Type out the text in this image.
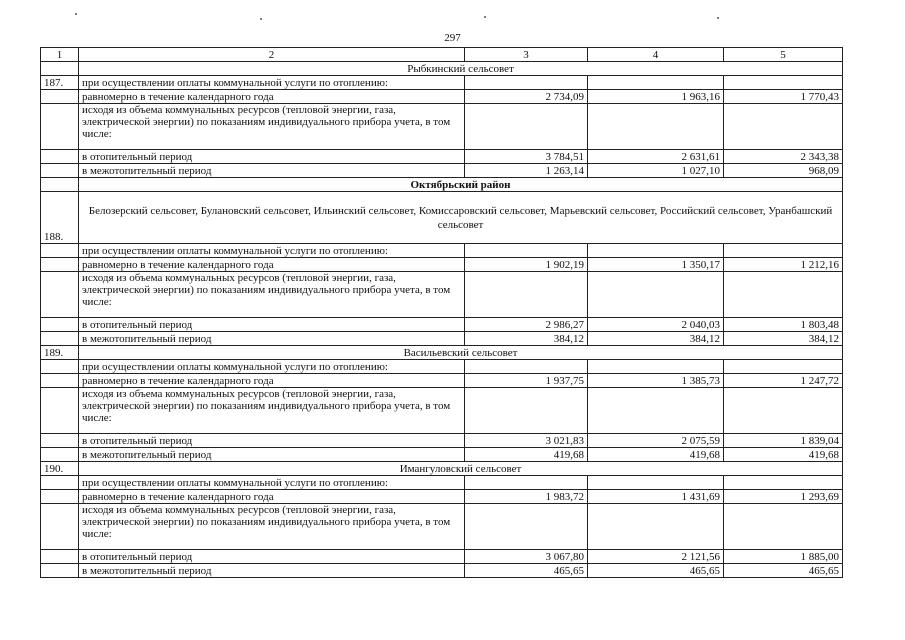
297
1	2	3	4	5
	Рыбкинский сельсовет			
187.	при осуществлении оплаты коммунальной услуги по отоплению:			
	равномерно в течение календарного года	2 734,09	1 963,16	1 770,43
	исходя из объема коммунальных ресурсов (тепловой энергии, газа, электрической энергии) по показаниям индивидуального прибора учета, в том числе:			
	в отопительный период	3 784,51	2 631,61	2 343,38
	в межотопительный период	1 263,14	1 027,10	968,09
	Октябрьский район			
188.	Белозерский сельсовет, Булановский сельсовет, Ильинский сельсовет, Комиссаровский сельсовет, Марьевский сельсовет, Российский сельсовет, Уранбашский сельсовет			
	при осуществлении оплаты коммунальной услуги по отоплению:			
	равномерно в течение календарного года	1 902,19	1 350,17	1 212,16
	исходя из объема коммунальных ресурсов (тепловой энергии, газа, электрической энергии) по показаниям индивидуального прибора учета, в том числе:			
	в отопительный период	2 986,27	2 040,03	1 803,48
	в межотопительный период	384,12	384,12	384,12
189.	Васильевский сельсовет			
	при осуществлении оплаты коммунальной услуги по отоплению:			
	равномерно в течение календарного года	1 937,75	1 385,73	1 247,72
	исходя из объема коммунальных ресурсов (тепловой энергии, газа, электрической энергии) по показаниям индивидуального прибора учета, в том числе:			
	в отопительный период	3 021,83	2 075,59	1 839,04
	в межотопительный период	419,68	419,68	419,68
190.	Имангуловский сельсовет			
	при осуществлении оплаты коммунальной услуги по отоплению:			
	равномерно в течение календарного года	1 983,72	1 431,69	1 293,69
	исходя из объема коммунальных ресурсов (тепловой энергии, газа, электрической энергии) по показаниям индивидуального прибора учета, в том числе:			
	в отопительный период	3 067,80	2 121,56	1 885,00
	в межотопительный период	465,65	465,65	465,65
